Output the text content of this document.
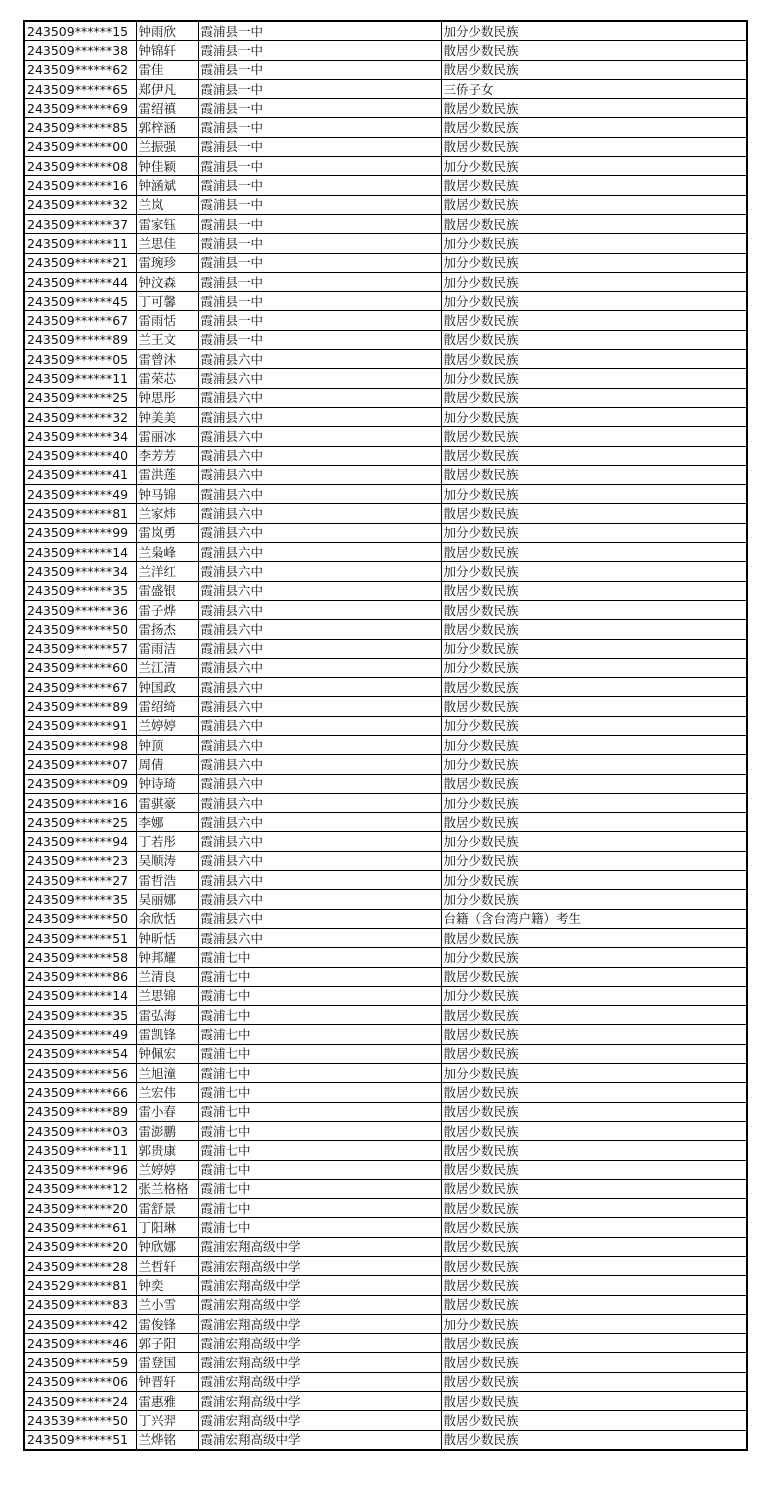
243509******15	钟雨欣	霞浦县一中	加分少数民族
243509******38	钟锦轩	霞浦县一中	散居少数民族
243509******62	雷佳	霞浦县一中	散居少数民族
243509******65	郑伊凡	霞浦县一中	三侨子女
243509******69	雷绍禛	霞浦县一中	散居少数民族
243509******85	郭梓涵	霞浦县一中	散居少数民族
243509******00	兰振强	霞浦县一中	散居少数民族
243509******08	钟佳颖	霞浦县一中	加分少数民族
243509******16	钟涵斌	霞浦县一中	散居少数民族
243509******32	兰岚	霞浦县一中	散居少数民族
243509******37	雷家钰	霞浦县一中	散居少数民族
243509******11	兰思佳	霞浦县一中	加分少数民族
243509******21	雷琬珍	霞浦县一中	加分少数民族
243509******44	钟汶森	霞浦县一中	加分少数民族
243509******45	丁可馨	霞浦县一中	加分少数民族
243509******67	雷雨恬	霞浦县一中	散居少数民族
243509******89	兰王文	霞浦县一中	散居少数民族
243509******05	雷曾沐	霞浦县六中	散居少数民族
243509******11	雷荣芯	霞浦县六中	加分少数民族
243509******25	钟思彤	霞浦县六中	散居少数民族
243509******32	钟美美	霞浦县六中	加分少数民族
243509******34	雷丽冰	霞浦县六中	散居少数民族
243509******40	李芳芳	霞浦县六中	散居少数民族
243509******41	雷洪莲	霞浦县六中	散居少数民族
243509******49	钟马锦	霞浦县六中	加分少数民族
243509******81	兰家炜	霞浦县六中	散居少数民族
243509******99	雷岚勇	霞浦县六中	加分少数民族
243509******14	兰枭峰	霞浦县六中	散居少数民族
243509******34	兰洋红	霞浦县六中	加分少数民族
243509******35	雷盛银	霞浦县六中	散居少数民族
243509******36	雷子烨	霞浦县六中	散居少数民族
243509******50	雷扬杰	霞浦县六中	散居少数民族
243509******57	雷雨洁	霞浦县六中	加分少数民族
243509******60	兰江清	霞浦县六中	加分少数民族
243509******67	钟国政	霞浦县六中	散居少数民族
243509******89	雷绍绮	霞浦县六中	散居少数民族
243509******91	兰婷婷	霞浦县六中	加分少数民族
243509******98	钟顶	霞浦县六中	加分少数民族
243509******07	周倩	霞浦县六中	加分少数民族
243509******09	钟诗琦	霞浦县六中	散居少数民族
243509******16	雷骐豪	霞浦县六中	加分少数民族
243509******25	李娜	霞浦县六中	散居少数民族
243509******94	丁若彤	霞浦县六中	加分少数民族
243509******23	吴顺涛	霞浦县六中	加分少数民族
243509******27	雷哲浩	霞浦县六中	加分少数民族
243509******35	吴丽娜	霞浦县六中	加分少数民族
243509******50	余欣恬	霞浦县六中	台籍（含台湾户籍）考生
243509******51	钟昕恬	霞浦县六中	散居少数民族
243509******58	钟邦耀	霞浦七中	加分少数民族
243509******86	兰清良	霞浦七中	散居少数民族
243509******14	兰思锦	霞浦七中	加分少数民族
243509******35	雷弘海	霞浦七中	散居少数民族
243509******49	雷凯锋	霞浦七中	散居少数民族
243509******54	钟佩宏	霞浦七中	散居少数民族
243509******56	兰旭潼	霞浦七中	加分少数民族
243509******66	兰宏伟	霞浦七中	散居少数民族
243509******89	雷小春	霞浦七中	散居少数民族
243509******03	雷澎鹏	霞浦七中	散居少数民族
243509******11	郭贵康	霞浦七中	散居少数民族
243509******96	兰婷婷	霞浦七中	散居少数民族
243509******12	张兰格格	霞浦七中	散居少数民族
243509******20	雷舒景	霞浦七中	散居少数民族
243509******61	丁阳琳	霞浦七中	散居少数民族
243509******20	钟欣娜	霞浦宏翔高级中学	散居少数民族
243509******28	兰哲轩	霞浦宏翔高级中学	散居少数民族
243529******81	钟奕	霞浦宏翔高级中学	散居少数民族
243509******83	兰小雪	霞浦宏翔高级中学	散居少数民族
243509******42	雷俊锋	霞浦宏翔高级中学	加分少数民族
243509******46	郭子阳	霞浦宏翔高级中学	散居少数民族
243509******59	雷登国	霞浦宏翔高级中学	散居少数民族
243509******06	钟晋轩	霞浦宏翔高级中学	散居少数民族
243509******24	雷惠雅	霞浦宏翔高级中学	散居少数民族
243539******50	丁兴羿	霞浦宏翔高级中学	散居少数民族
243509******51	兰烨铭	霞浦宏翔高级中学	散居少数民族
